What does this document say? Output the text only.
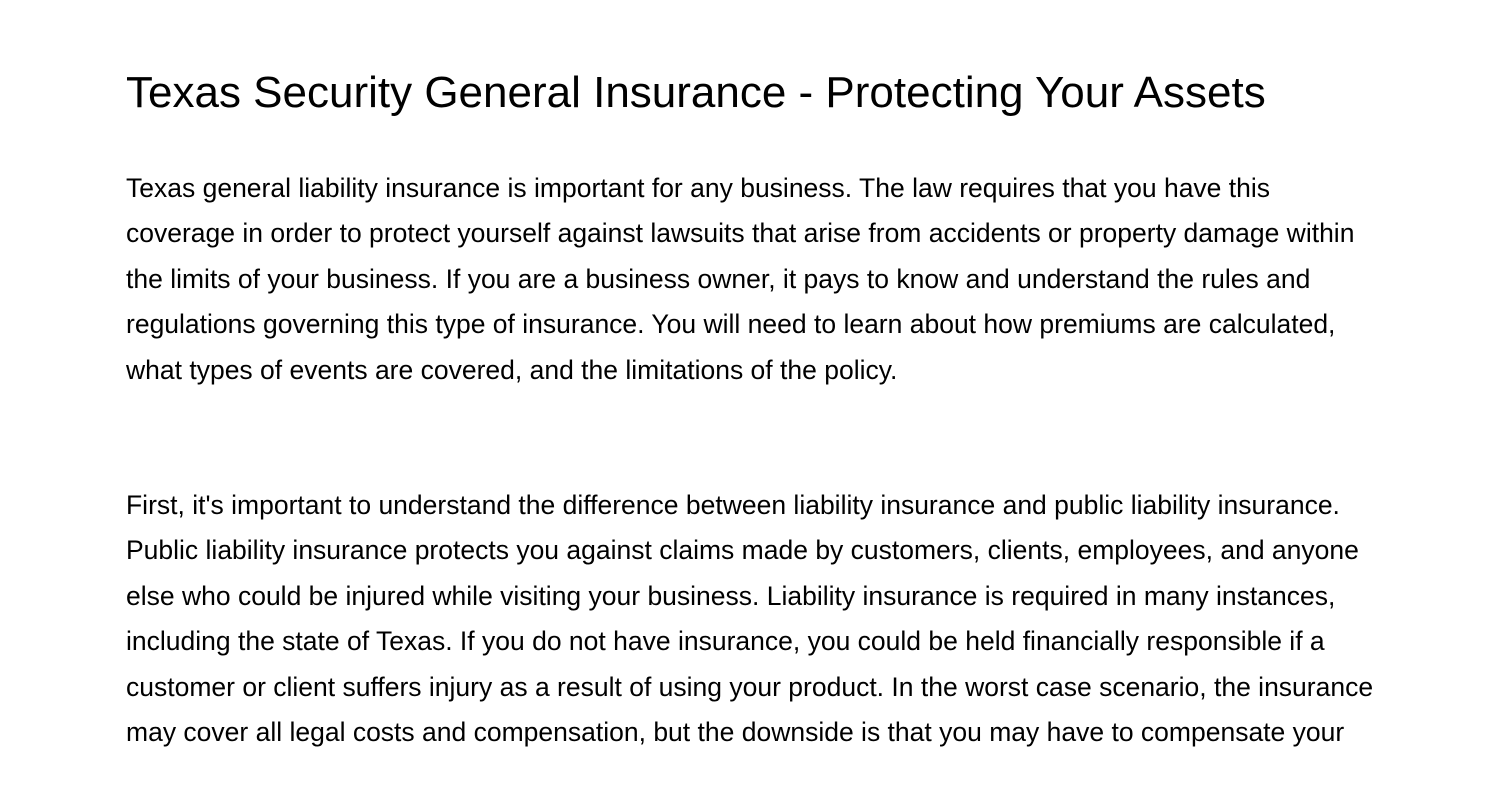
Texas Security General Insurance - Protecting Your Assets

Texas general liability insurance is important for any business. The law requires that you have this coverage in order to protect yourself against lawsuits that arise from accidents or property damage within the limits of your business. If you are a business owner, it pays to know and understand the rules and regulations governing this type of insurance. You will need to learn about how premiums are calculated, what types of events are covered, and the limitations of the policy.

First, it's important to understand the difference between liability insurance and public liability insurance. Public liability insurance protects you against claims made by customers, clients, employees, and anyone else who could be injured while visiting your business. Liability insurance is required in many instances, including the state of Texas. If you do not have insurance, you could be held financially responsible if a customer or client suffers injury as a result of using your product. In the worst case scenario, the insurance may cover all legal costs and compensation, but the downside is that you may have to compensate your
